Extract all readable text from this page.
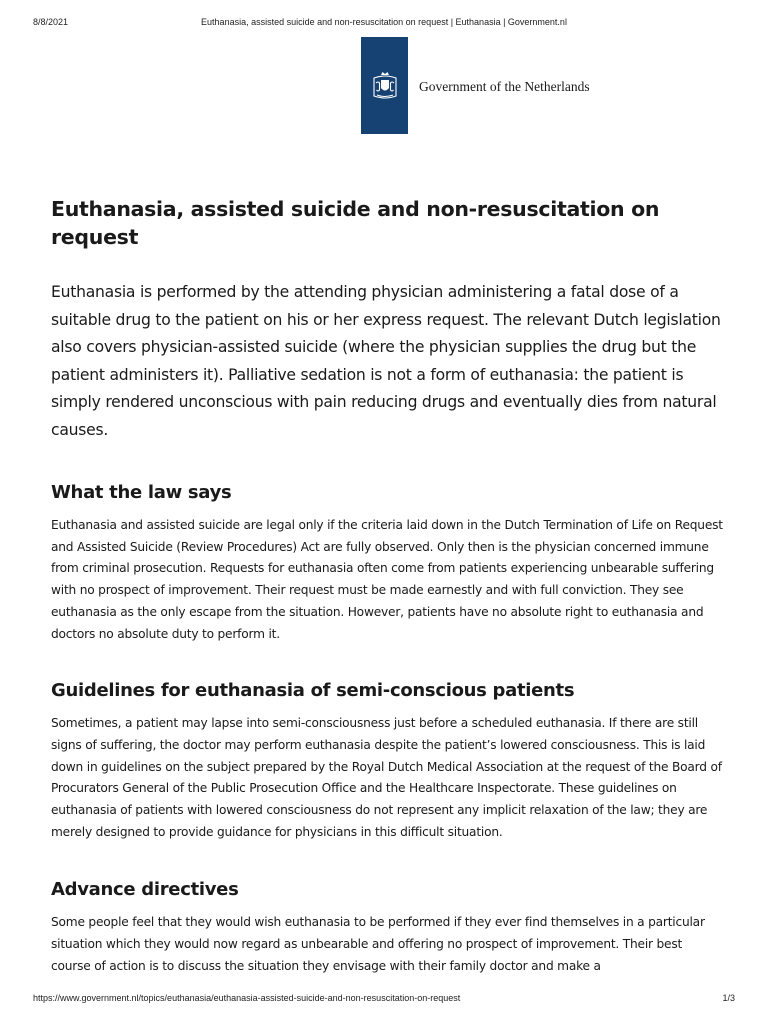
8/8/2021	Euthanasia, assisted suicide and non-resuscitation on request | Euthanasia | Government.nl
Government of the Netherlands
Euthanasia, assisted suicide and non-resuscitation on request

Euthanasia is performed by the attending physician administering a fatal dose of a suitable drug to the patient on his or her express request. The relevant Dutch legislation also covers physician-assisted suicide (where the physician supplies the drug but the patient administers it). Palliative sedation is not a form of euthanasia: the patient is simply rendered unconscious with pain reducing drugs and eventually dies from natural causes.

What the law says

Euthanasia and assisted suicide are legal only if the criteria laid down in the Dutch Termination of Life on Request and Assisted Suicide (Review Procedures) Act are fully observed. Only then is the physician concerned immune from criminal prosecution. Requests for euthanasia often come from patients experiencing unbearable suffering with no prospect of improvement. Their request must be made earnestly and with full conviction. They see euthanasia as the only escape from the situation. However, patients have no absolute right to euthanasia and doctors no absolute duty to perform it.

Guidelines for euthanasia of semi-conscious patients

Sometimes, a patient may lapse into semi-consciousness just before a scheduled euthanasia. If there are still signs of suffering, the doctor may perform euthanasia despite the patient’s lowered consciousness. This is laid down in guidelines on the subject prepared by the Royal Dutch Medical Association at the request of the Board of Procurators General of the Public Prosecution Office and the Healthcare Inspectorate. These guidelines on euthanasia of patients with lowered consciousness do not represent any implicit relaxation of the law; they are merely designed to provide guidance for physicians in this difficult situation.

Advance directives

Some people feel that they would wish euthanasia to be performed if they ever find themselves in a particular situation which they would now regard as unbearable and offering no prospect of improvement. Their best course of action is to discuss the situation they envisage with their family doctor and make a

https://www.government.nl/topics/euthanasia/euthanasia-assisted-suicide-and-non-resuscitation-on-request	1/3
